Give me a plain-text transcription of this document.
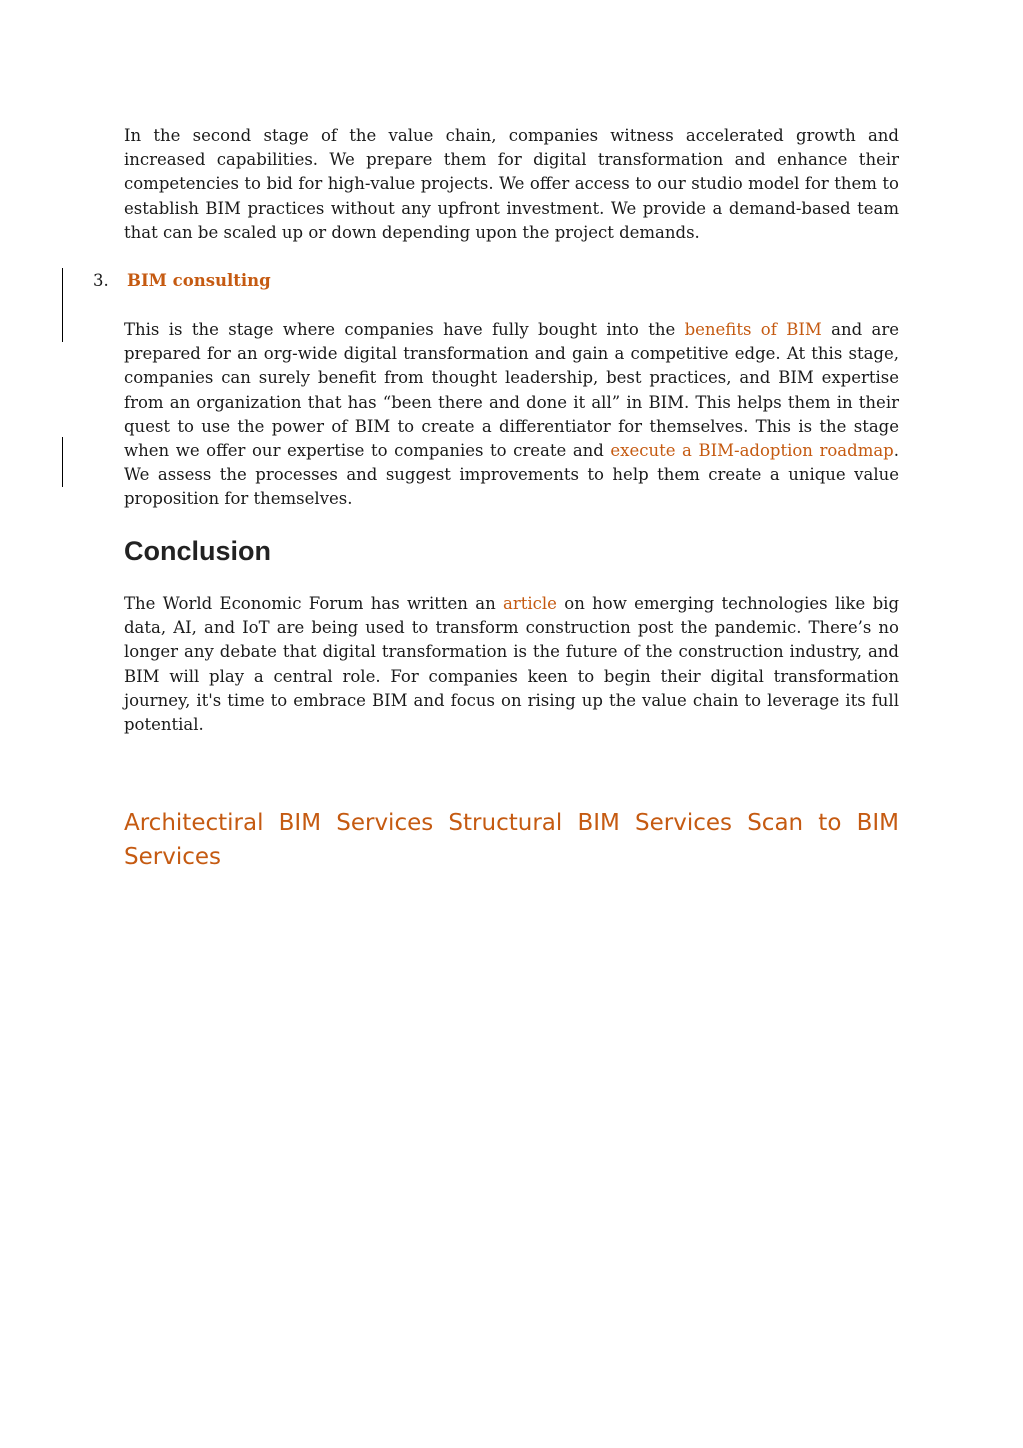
In the second stage of the value chain, companies witness accelerated growth and increased capabilities. We prepare them for digital transformation and enhance their competencies to bid for high-value projects. We offer access to our studio model for them to establish BIM practices without any upfront investment. We provide a demand-based team that can be scaled up or down depending upon the project demands.

3. BIM consulting

This is the stage where companies have fully bought into the benefits of BIM and are prepared for an org-wide digital transformation and gain a competitive edge. At this stage, companies can surely benefit from thought leadership, best practices, and BIM expertise from an organization that has “been there and done it all” in BIM. This helps them in their quest to use the power of BIM to create a differentiator for themselves. This is the stage when we offer our expertise to companies to create and execute a BIM-adoption roadmap. We assess the processes and suggest improvements to help them create a unique value proposition for themselves.

Conclusion

The World Economic Forum has written an article on how emerging technologies like big data, AI, and IoT are being used to transform construction post the pandemic. There’s no longer any debate that digital transformation is the future of the construction industry, and BIM will play a central role. For companies keen to begin their digital transformation journey, it's time to embrace BIM and focus on rising up the value chain to leverage its full potential.

Architectiral BIM Services Structural BIM Services Scan to BIM Services
